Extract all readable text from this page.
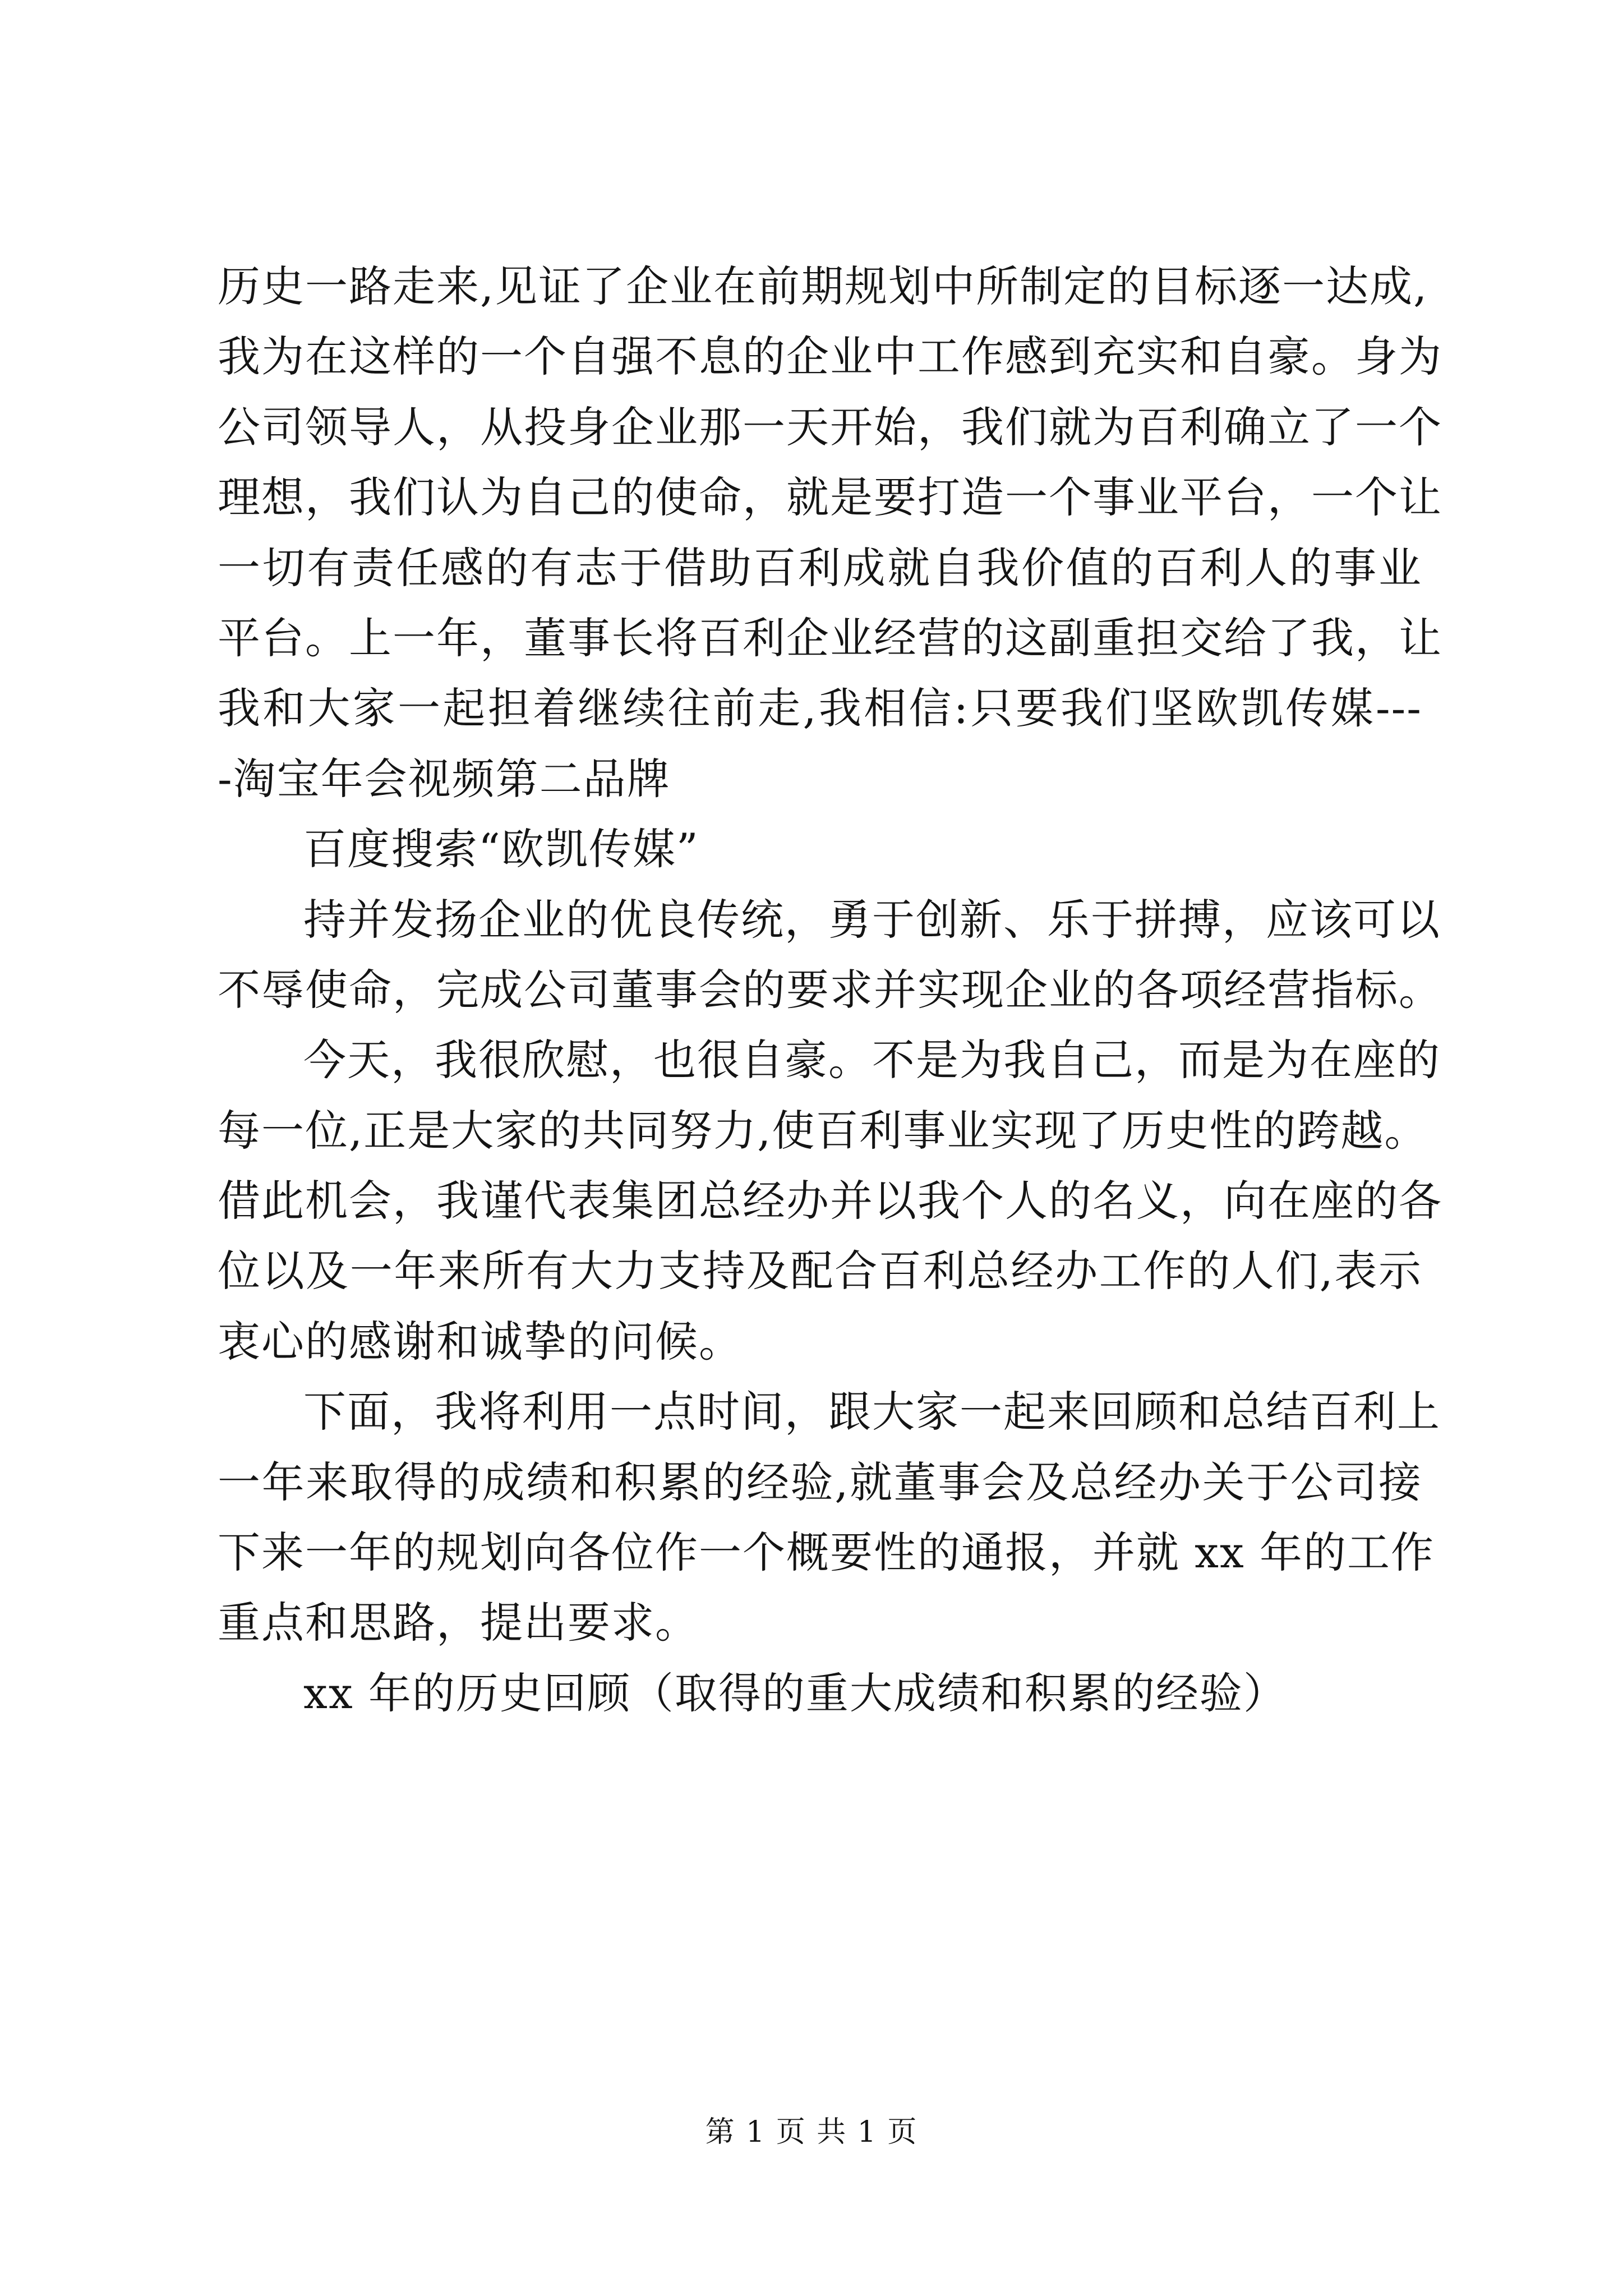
历史一路走来,见证了企业在前期规划中所制定的目标逐一达成,
我为在这样的一个自强不息的企业中工作感到充实和自豪。身为
公司领导人，从投身企业那一天开始，我们就为百利确立了一个
理想，我们认为自己的使命，就是要打造一个事业平台，一个让
一切有责任感的有志于借助百利成就自我价值的百利人的事业
平台。上一年，董事长将百利企业经营的这副重担交给了我，让
我和大家一起担着继续往前走,我相信:只要我们坚欧凯传媒---
-淘宝年会视频第二品牌
百度搜索“欧凯传媒”
持并发扬企业的优良传统，勇于创新、乐于拼搏，应该可以
不辱使命，完成公司董事会的要求并实现企业的各项经营指标。
今天，我很欣慰，也很自豪。不是为我自己，而是为在座的
每一位,正是大家的共同努力,使百利事业实现了历史性的跨越。
借此机会，我谨代表集团总经办并以我个人的名义，向在座的各
位以及一年来所有大力支持及配合百利总经办工作的人们,表示
衷心的感谢和诚挚的问候。
下面，我将利用一点时间，跟大家一起来回顾和总结百利上
一年来取得的成绩和积累的经验,就董事会及总经办关于公司接
下来一年的规划向各位作一个概要性的通报，并就 xx 年的工作
重点和思路，提出要求。
xx 年的历史回顾（取得的重大成绩和积累的经验）
第 1 页 共 1 页
